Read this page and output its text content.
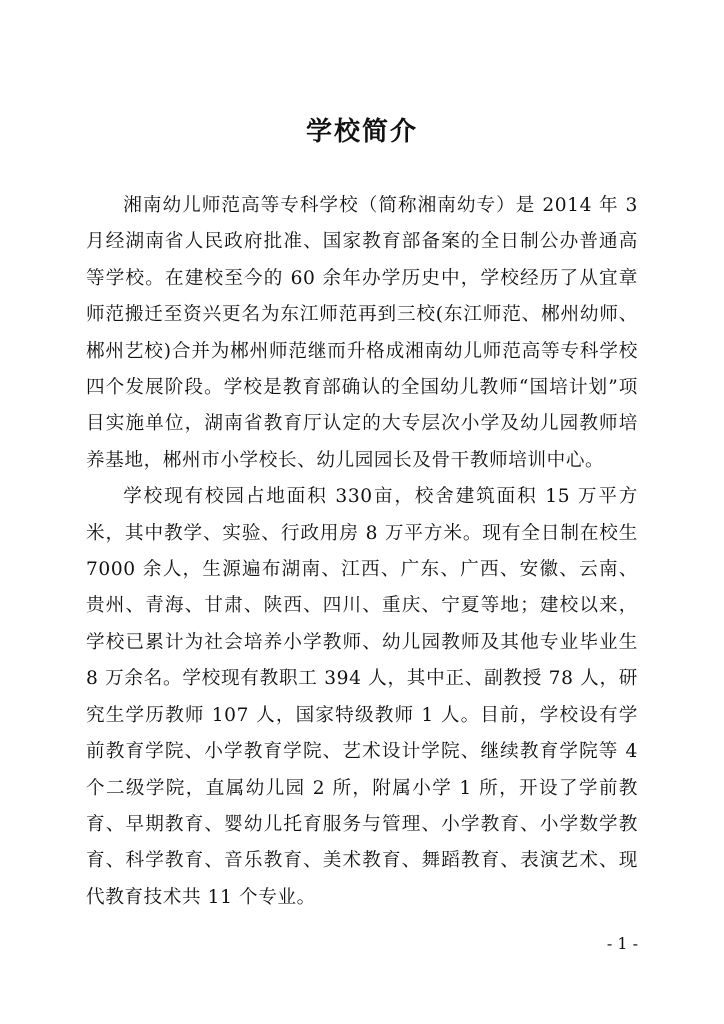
学校简介

湘南幼儿师范高等专科学校（简称湘南幼专）是 2014 年 3 月经湖南省人民政府批准、国家教育部备案的全日制公办普通高等学校。在建校至今的 60 余年办学历史中，学校经历了从宜章师范搬迁至资兴更名为东江师范再到三校(东江师范、郴州幼师、郴州艺校)合并为郴州师范继而升格成湘南幼儿师范高等专科学校四个发展阶段。学校是教育部确认的全国幼儿教师“国培计划”项目实施单位，湖南省教育厅认定的大专层次小学及幼儿园教师培养基地，郴州市小学校长、幼儿园园长及骨干教师培训中心。

学校现有校园占地面积 330亩，校舍建筑面积 15 万平方米，其中教学、实验、行政用房 8 万平方米。现有全日制在校生 7000 余人，生源遍布湖南、江西、广东、广西、安徽、云南、贵州、青海、甘肃、陕西、四川、重庆、宁夏等地；建校以来，学校已累计为社会培养小学教师、幼儿园教师及其他专业毕业生 8 万余名。学校现有教职工 394 人，其中正、副教授 78 人，研究生学历教师 107 人，国家特级教师 1 人。目前，学校设有学前教育学院、小学教育学院、艺术设计学院、继续教育学院等 4 个二级学院，直属幼儿园 2 所，附属小学 1 所，开设了学前教育、早期教育、婴幼儿托育服务与管理、小学教育、小学数学教育、科学教育、音乐教育、美术教育、舞蹈教育、表演艺术、现代教育技术共 11 个专业。

- 1 -
